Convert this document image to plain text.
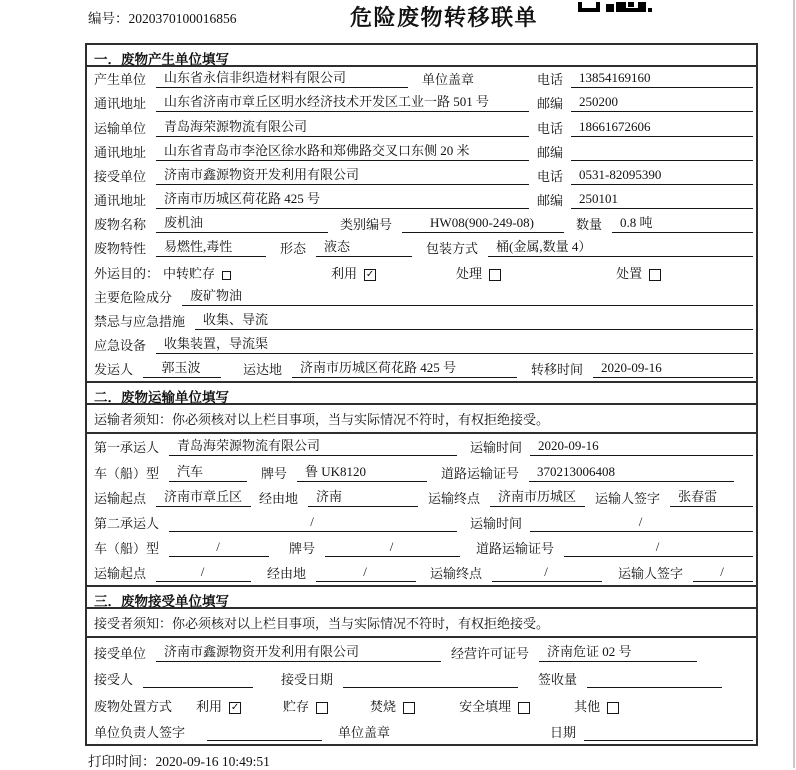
编号：2020370100016856	危险废物转移联单
一．废物产生单位填写
产生单位	山东省永信非织造材料有限公司	单位盖章	电话	13854169160
通讯地址	山东省济南市章丘区明水经济技术开发区工业一路 501 号	邮编	250200
运输单位	青岛海荣源物流有限公司	电话	18661672606
通讯地址	山东省青岛市李沧区徐水路和郑佛路交叉口东侧 20 米	邮编
接受单位	济南市鑫源物资开发利用有限公司	电话	0531-82095390
通讯地址	济南市历城区荷花路 425 号	邮编	250101
废物名称	废机油	类别编号	HW08(900-249-08)	数量	0.8 吨
废物特性	易燃性,毒性	形态	液态	包装方式	桶(金属,数量 4）
外运目的： 中转贮存	利用 ✓	处理	处置
主要危险成分	废矿物油
禁忌与应急措施	收集、导流
应急设备	收集装置，导流渠
发运人	郭玉波	运达地	济南市历城区荷花路 425 号	转移时间	2020-09-16
二．废物运输单位填写
运输者须知：你必须核对以上栏目事项，当与实际情况不符时，有权拒绝接受。
第一承运人	青岛海荣源物流有限公司	运输时间	2020-09-16
车（船）型	汽车	牌号	鲁 UK8120	道路运输证号	370213006408
运输起点	济南市章丘区	经由地	济南	运输终点	济南市历城区	运输人签字	张春雷
第二承运人	/	运输时间	/
车（船）型	/	牌号	/	道路运输证号	/
运输起点	/	经由地	/	运输终点	/	运输人签字	/
三．废物接受单位填写
接受者须知：你必须核对以上栏目事项，当与实际情况不符时，有权拒绝接受。
接受单位	济南市鑫源物资开发利用有限公司	经营许可证号	济南危证 02 号
接受人	接受日期	签收量
废物处置方式 利用 ✓	贮存	焚烧	安全填埋	其他
单位负责人签字	单位盖章	日期
打印时间：2020-09-16 10:49:51
